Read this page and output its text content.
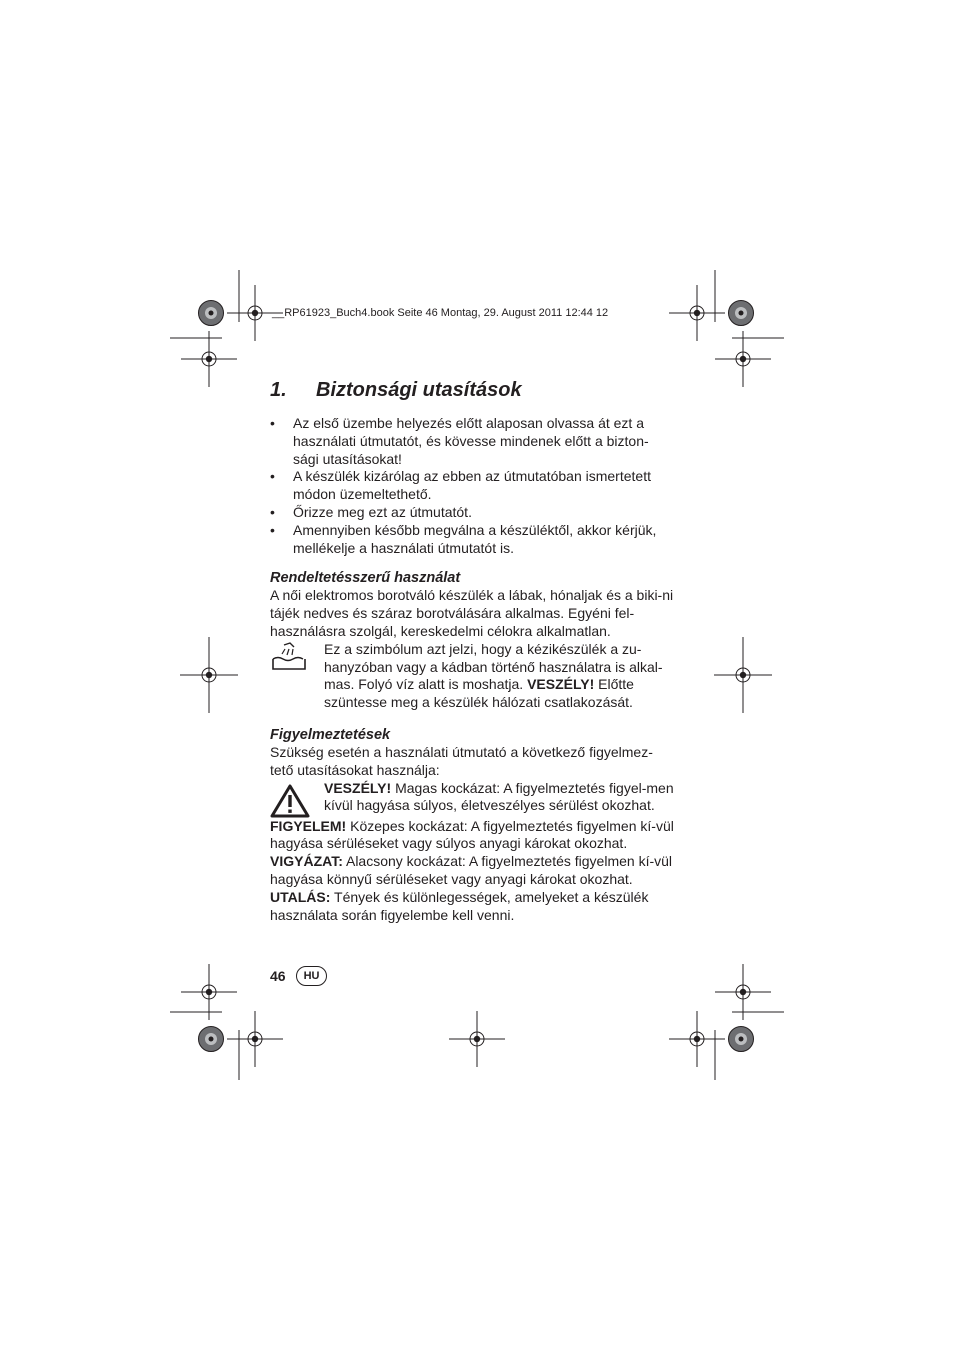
__RP61923_Buch4.book Seite 46 Montag, 29. August 2011 12:44 12
1.	Biztonsági utasítások
• Az első üzembe helyezés előtt alaposan olvassa át ezt a használati útmutatót, és kövesse mindenek előtt a bizton-sági utasításokat!
• A készülék kizárólag az ebben az útmutatóban ismertetett módon üzemeltethető.
• Őrizze meg ezt az útmutatót.
• Amennyiben később megválna a készüléktől, akkor kérjük, mellékelje a használati útmutatót is.
Rendeltetésszerű használat

A női elektromos borotváló készülék a lábak, hónaljak és a biki-ni tájék nedves és száraz borotválására alkalmas. Egyéni fel-használásra szolgál, kereskedelmi célokra alkalmatlan.

Ez a szimbólum azt jelzi, hogy a kézikészülék a zu-hanyzóban vagy a kádban történő használatra is alkal-mas. Folyó víz alatt is moshatja. VESZÉLY! Előtte szüntesse meg a készülék hálózati csatlakozását.
Figyelmeztetések

Szükség esetén a használati útmutató a következő figyelmez-tető utasításokat használja:

VESZÉLY! Magas kockázat: A figyelmeztetés figyel-men kívül hagyása súlyos, életveszélyes sérülést okozhat.

FIGYELEM! Közepes kockázat: A figyelmeztetés figyelmen kí-vül hagyása sérüléseket vagy súlyos anyagi károkat okozhat.

VIGYÁZAT: Alacsony kockázat: A figyelmeztetés figyelmen kí-vül hagyása könnyű sérüléseket vagy anyagi károkat okozhat.

UTALÁS: Tények és különlegességek, amelyeket a készülék használata során figyelembe kell venni.

46	HU
